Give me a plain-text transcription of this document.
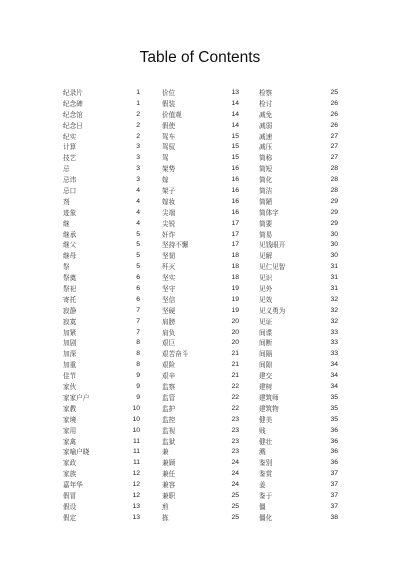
Table of Contents
纪录片	1
纪念碑	1
纪念馆	2
纪念日	2
纪实	2
计算	3
技艺	3
忌	3
忌讳	3
忌口	4
剂	4
迹象	4
继	4
继承	5
继父	5
继母	5
祭	5
祭奠	6
祭祀	6
寄托	6
寂静	7
寂寞	7
加紧	7
加剧	8
加深	8
加重	8
佳节	9
家伙	9
家家户户	9
家教	10
家境	10
家用	10
家禽	11
家喻户晓	11
家政	11
家族	12
嘉年华	12
假冒	12
假设	13
假定	13
价位	13
假装	14
价值观	14
假使	14
驾车	15
驾驭	15
驾	15
架势	16
嫁	16
架子	16
嫁妆	16
尖端	16
尖锐	17
奸诈	17
坚持不懈	17
坚韧	18
歼灭	18
坚实	18
坚守	19
坚信	19
坚硬	19
肩膀	20
肩负	20
艰巨	20
艰苦奋斗	21
艰险	21
艰辛	21
监察	22
监管	22
监护	22
监控	23
监视	23
监狱	23
兼	23
兼顾	24
兼任	24
兼容	24
兼职	25
煎	25
拣	25
检察	25
检讨	26
减免	26
减弱	26
减速	27
减压	27
简称	27
简短	28
简化	28
简洁	28
简陋	29
简体字	29
简要	29
简易	30
见钱眼开	30
见解	30
见仁见智	31
见识	31
见外	31
见效	32
见义勇为	32
见证	32
间谍	33
间断	33
间隔	33
间隙	34
建交	34
建树	34
建筑师	35
建筑物	35
健美	35
贱	36
健壮	36
溅	36
鉴别	36
鉴赏	37
姜	37
鉴于	37
僵	37
僵化	38
